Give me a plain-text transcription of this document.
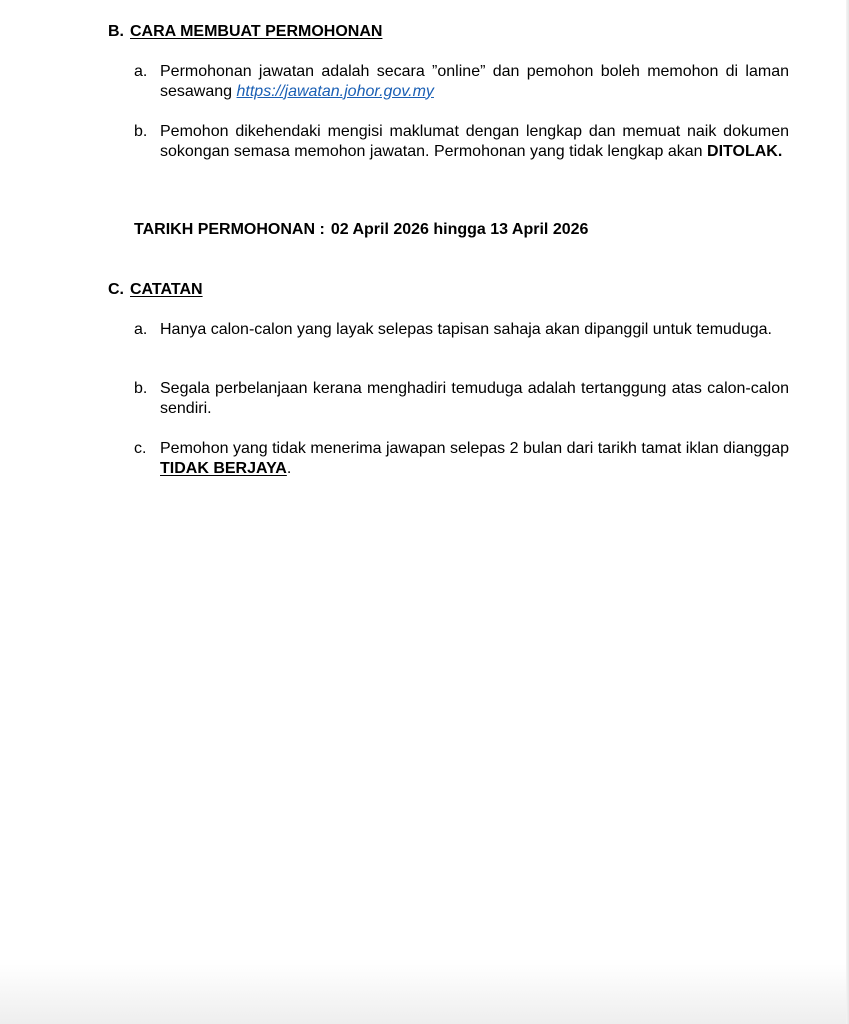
B. CARA MEMBUAT PERMOHONAN
a. Permohonan jawatan adalah secara ”online” dan pemohon boleh memohon di laman sesawang https://jawatan.johor.gov.my
b. Pemohon dikehendaki mengisi maklumat dengan lengkap dan memuat naik dokumen sokongan semasa memohon jawatan. Permohonan yang tidak lengkap akan DITOLAK.
TARIKH PERMOHONAN : 02 April 2026 hingga 13 April 2026
C. CATATAN
a. Hanya calon-calon yang layak selepas tapisan sahaja akan dipanggil untuk temuduga.
b. Segala perbelanjaan kerana menghadiri temuduga adalah tertanggung atas calon-calon sendiri.
c. Pemohon yang tidak menerima jawapan selepas 2 bulan dari tarikh tamat iklan dianggap TIDAK BERJAYA.
